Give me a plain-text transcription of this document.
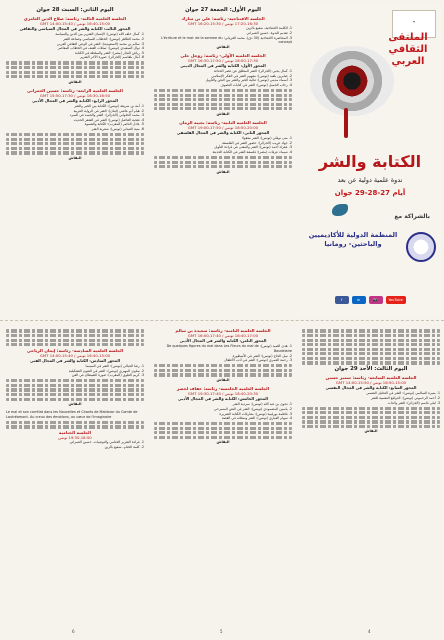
اليوم الثاني: السبت 28 جوان
الجلسة العلمية الثالثة- رئاسة: صلاح الدين العامري
16:40-15:00 تونس / 15:40-14:00 GMT
المحور الثالث: الكتابة والشر في المجال السياسي والثقافي
1. كمال خلف الله (تونس): الإنسان الشرير بين الدين والسياسة
2. محمد الطاهر (تونس): الخطاب السياسي وصناعة الشر
3. سالم بن محمد (السعودية): الشر في الوعي الثقافي العربي
4. نوال السعيدي (تونس): تمثلات العنف في الخطاب المعاصر
5. رياض النجار (مصر): الشر والسلطة في الكتابة
6. آمال بلقاسم (الجزائر): صورة الآخر الشرير
النقاش
الجلسة العلمية الرابعة- رئاسة: حسين العمراني
18:30-16:50 تونس / 17:30-15:50 GMT
المحور الرابع: الكتابة والشر في المجال الأدبي
1. أمة بن شريقة (تونس): الكتابة بين الخير والشر
2. هيام أبو عاصي (لبنان): الشر في الرواية العربية
3. محمد الحلواني (الجزائر): الشر والجسد في السرد
4. فتحية الفاضل (تونس): الشر في الشعر الحديث
5. عادل الناصر (المغرب): الكتابة والقسوة
6. منية العبدلي (تونس): شعرية الشر
النقاش
اليوم الأول: الجمعة 27 جوان
الجلسة الافتتاحية- رئاسة: علي بن مبارك
17:20-16:30 تونس / 15:30-16:20 GMT
1. الكلمة الافتتاحية- شفيع بالزين
2. تقديم الندوة- حسين العمراني
3. المحاضرة الافتتاحية (30 دق)- محمد الغرياني: L'écriture et le mal: de la somme du concept
النقاش
الجلسة العلمية الأولى- رئاسة: زوجل حلي
18:50-17:30 تونس / 17:50-16:30 GMT
المحور الأول: الكتابة والشر في المجال الديني
1. كمال يحيي (الجزائر): الشر المطلق عن عصر الحداثة
2. صابرين بلعيد (تونس): مفهوم الشر في الفكر الإسلامي
3. أسماء مديني (تونس): ثنائية الخير والشر بين النص والتأويل
4. رحاب الجميل (تونس): الشر في كتابات التصوف
النقاش
الجلسة العلمية الثانية- رئاسة: نجيبة الزمان
18:50-20:00 تونس / 17:50-19:00 GMT
المحور الثاني: الكتابة والشر في المجال الفلسفي
1. منى نوفلي (تونس): الشر معقولا
2. جهاد عريب (الجزائر): حضور الشر في الفلسفة
3. عفراء أحمد (تونس): الشر والمعنى في قراءة التأويل
4. شيماء عرفات (مصر): فلسفة الشر في الكتابة الحديثة
النقاش
✦
الملتقى الثقافي العربي
الكتابة والشر
ندوة علمية دولية عن بعد
أيام 27-28-29 جوان
بالشراكة مع
المنظمة الدولية للأكاديميين والباحثين- رومانيا
f	in	📷	YouTube
الجلسة العلمية السادسة- رئاسة: إيمان الرياحي
16:40-15:00 تونس / 15:40-14:00 GMT
المحور السادس: الكتابة والشر في المجال الفني
1. رضا الجبالي (تونس): الشر في السينما
2. سلوى المهيري (تونس): الشر في الفنون التشكيلية
3. كريم العلوي (المغرب): صورة الشيطان في الفن
النقاش
Le mal et son corrélat dans les Nouvelles et Chants de Maldoror du Comte de Lautréamont. Au creux des émotions, au cœur de l'imaginaire
الجلسة الختامية
19:30-18:50 تونس
1. قراءة التقرير الختامي والتوصيات- حسين العمراني
2. كلمة الختام- شفيع بالزين
6
الجلسة العلمية الثامنة- رئاسة: سعيدة بن سالم
18:40-17:00 تونس / 17:40-16:00 GMT
المحور الثامن: الكتابة والشر في المجال الأدبي
1. هدى الصيد (تونس): De quelques figures du mal dans Les Fleurs du mal de Baudelaire
2. نبيل الحاج (تونس): الشر في الأسطورة
3. رحمة العمري (تونس): الشر في أدب الأطفال
النقاش
الجلسة العلمية الخامسة- رئاسة: عفاف لخضر
18:40-20:30 تونس / 17:40-19:30 GMT
المحور الخامس: الكتابة والشر في المجال الأدبي
1. نجوى بن عبد الله (تونس): سردية الشر
2. ياسين المصمودي (تونس): الشر في النص المسرحي
3. فاطمة بورقيبة (تونس): مفارقات الكتابة الشريرة
4. سهام العياري (تونس): الشر وتمثلاته في القصة
النقاش
5
اليوم الثالث: الأحد 29 جوان
الجلسة العلمية السابعة- رئاسة: سمير حسين
16:50-15:00 تونس / 15:50-14:00 GMT
المحور السابع: الكتابة والشر في المجال النفسي
1. منيرة السالمي (تونس): الشر في التحليل النفسي
2. أحمد الرحموني (تونس): الدوافع النفسية للشر
3. ليلى قاسم (الجزائر): الشر والذات
النقاش
4
